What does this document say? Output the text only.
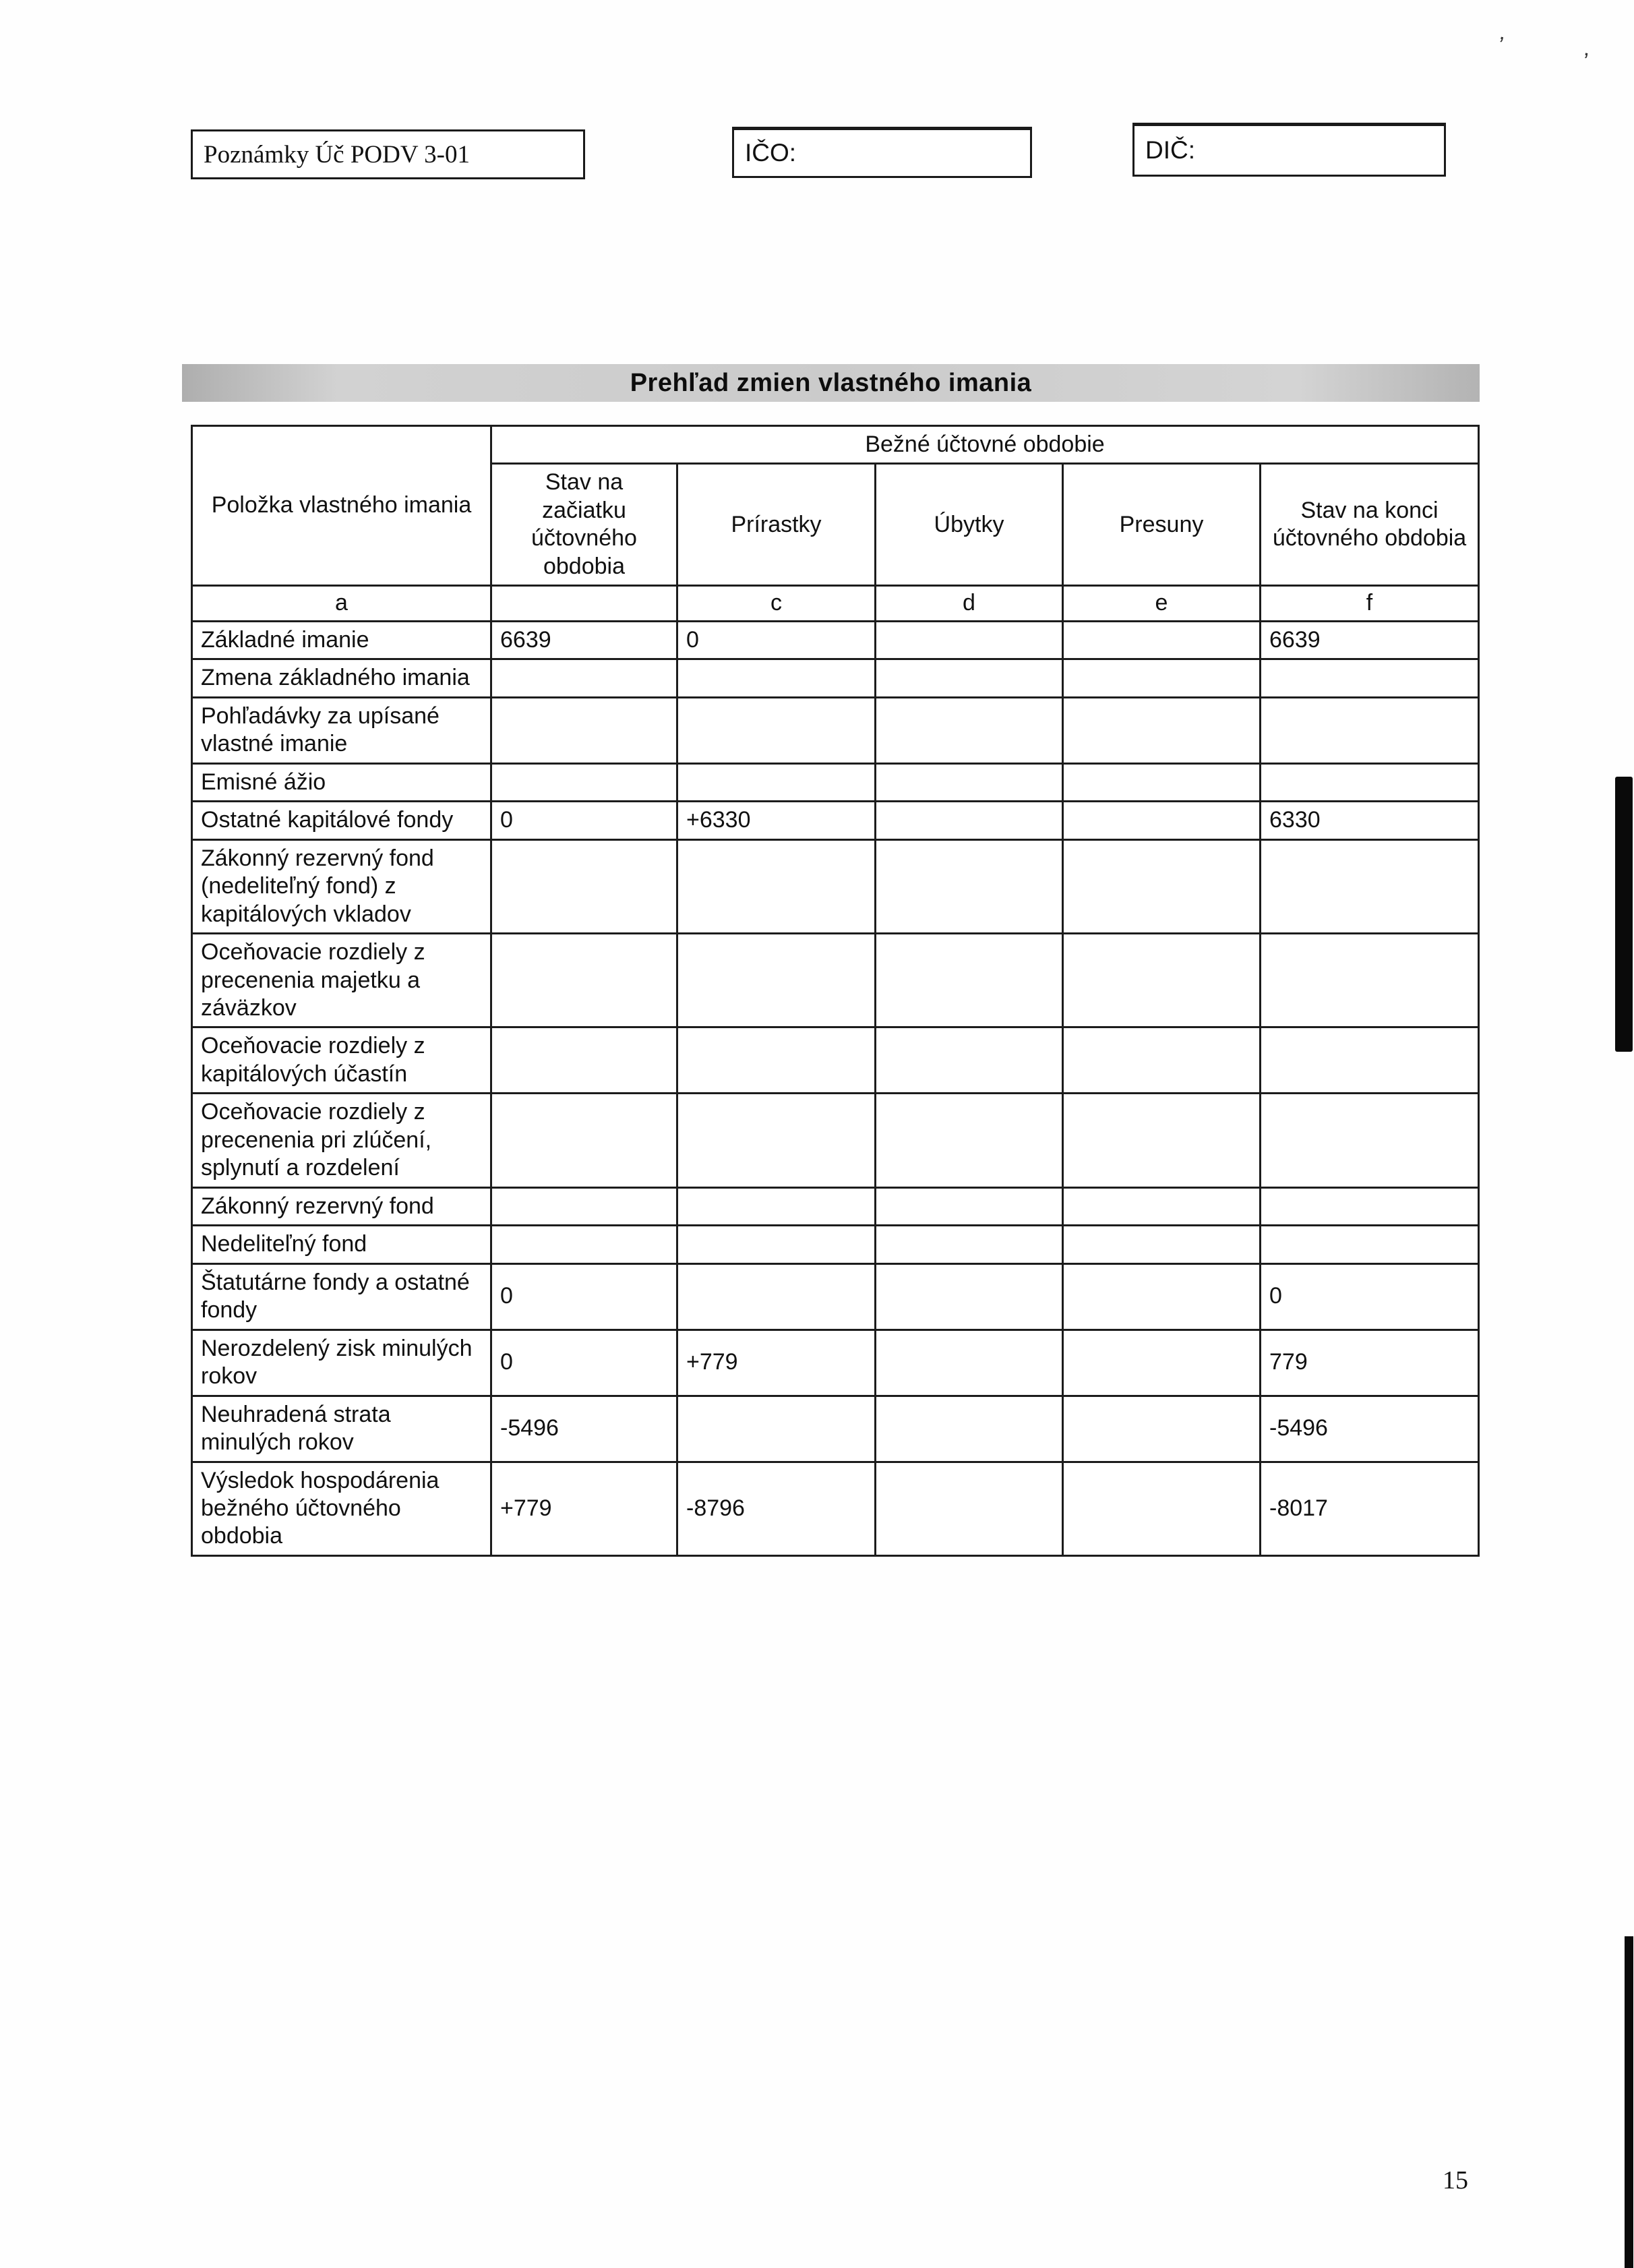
Poznámky Úč PODV 3-01	IČO:	DIČ:
Prehľad zmien vlastného imania
Položka vlastného imania	Bežné účtovné obdobie				
	Stav na začiatku účtovného obdobia	Prírastky	Úbytky	Presuny	Stav na konci účtovného obdobia
a		c	d	e	f
Základné imanie	6639	0			6639
Zmena základného imania					
Pohľadávky za upísané vlastné imanie					
Emisné ážio					
Ostatné kapitálové fondy	0	+6330			6330
Zákonný rezervný fond (nedeliteľný fond) z kapitálových vkladov					
Oceňovacie rozdiely z precenenia majetku a záväzkov					
Oceňovacie rozdiely z kapitálových účastín					
Oceňovacie rozdiely z precenenia pri zlúčení, splynutí a rozdelení					
Zákonný rezervný fond					
Nedeliteľný fond					
Štatutárne fondy a ostatné fondy	0				0
Nerozdelený zisk minulých rokov	0	+779			779
Neuhradená strata minulých rokov	-5496				-5496
Výsledok hospodárenia bežného účtovného obdobia	+779	-8796			-8017
15
’
’
